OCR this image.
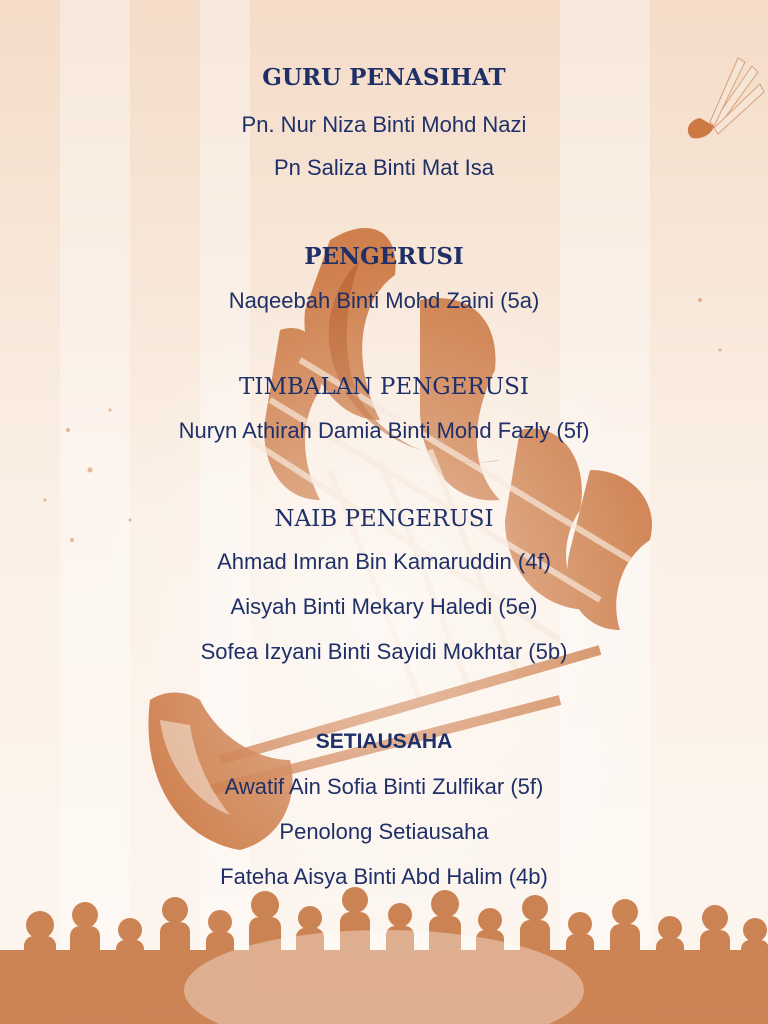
GURU PENASIHAT
Pn. Nur Niza Binti Mohd Nazi
Pn Saliza Binti Mat Isa
PENGERUSI
Naqeebah Binti Mohd Zaini (5a)
TIMBALAN PENGERUSI
Nuryn Athirah Damia Binti Mohd Fazly (5f)
NAIB PENGERUSI
Ahmad Imran Bin Kamaruddin (4f)
Aisyah Binti Mekary Haledi (5e)
Sofea Izyani Binti Sayidi Mokhtar (5b)
SETIAUSAHA
Awatif Ain Sofia Binti Zulfikar (5f)
Penolong Setiausaha
Fateha Aisya Binti Abd Halim (4b)
